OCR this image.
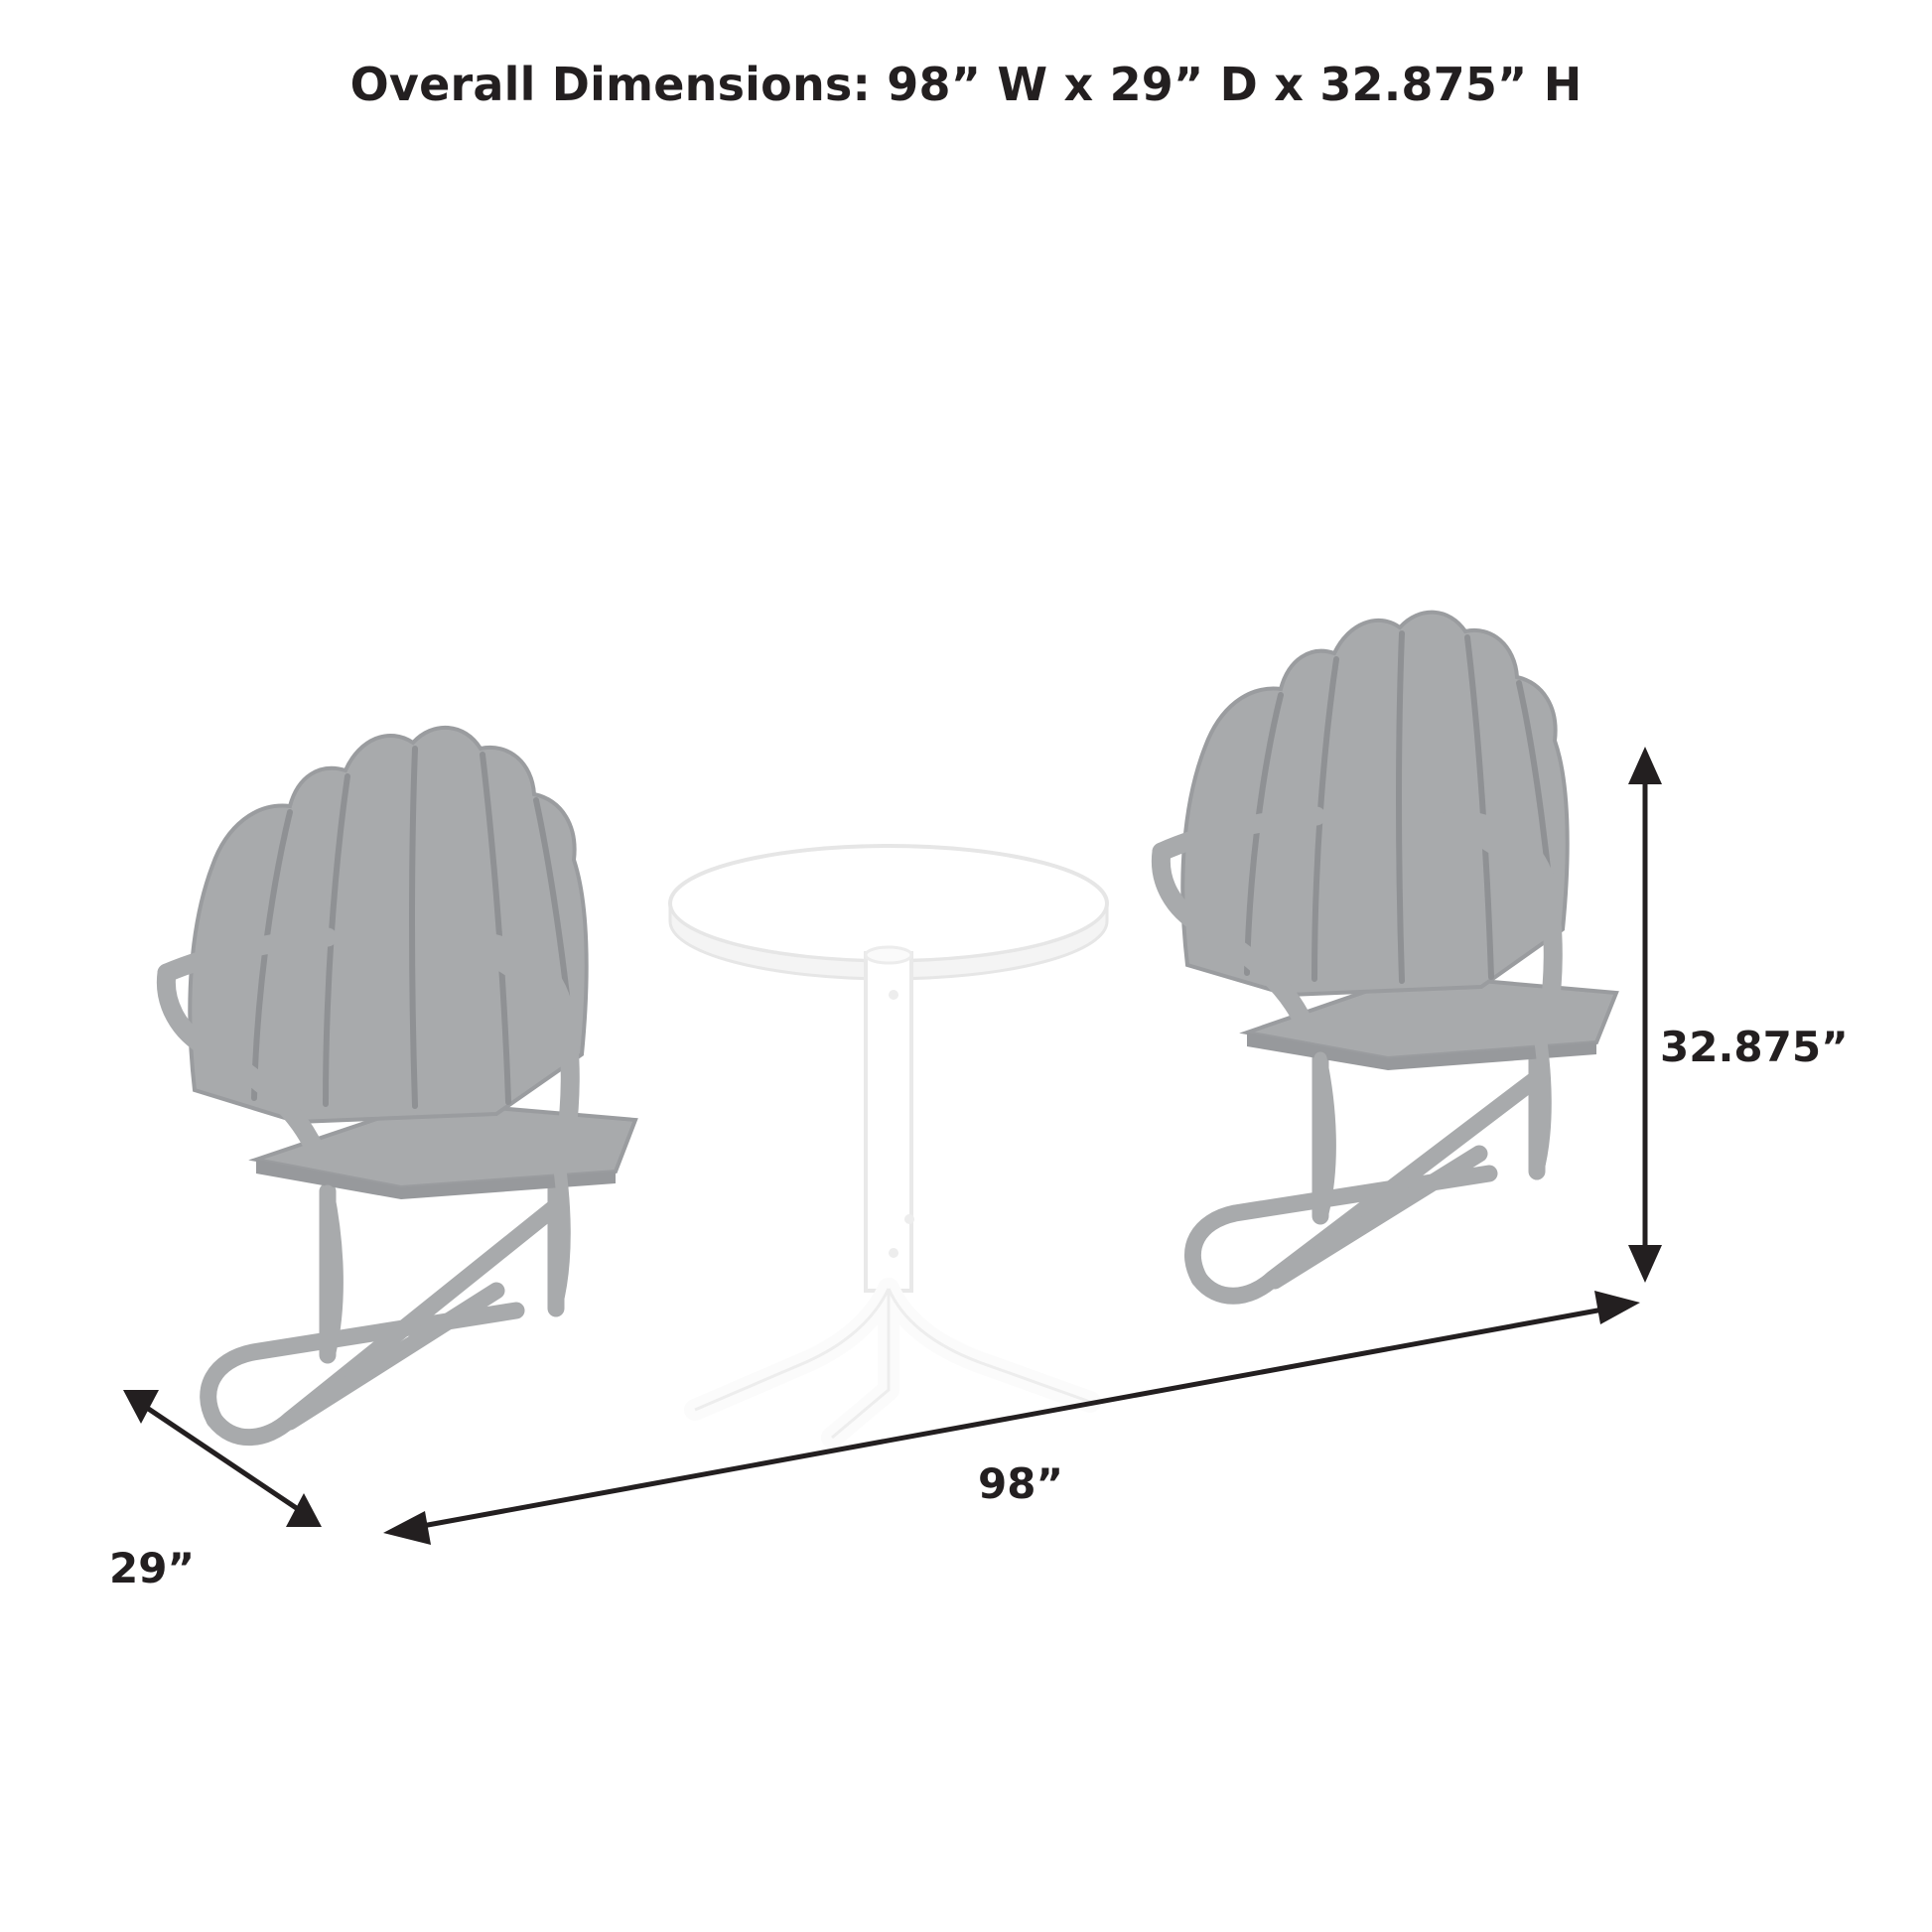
Overall Dimensions: 98” W x 29” D x 32.875” H
32.875”
98”
29”
